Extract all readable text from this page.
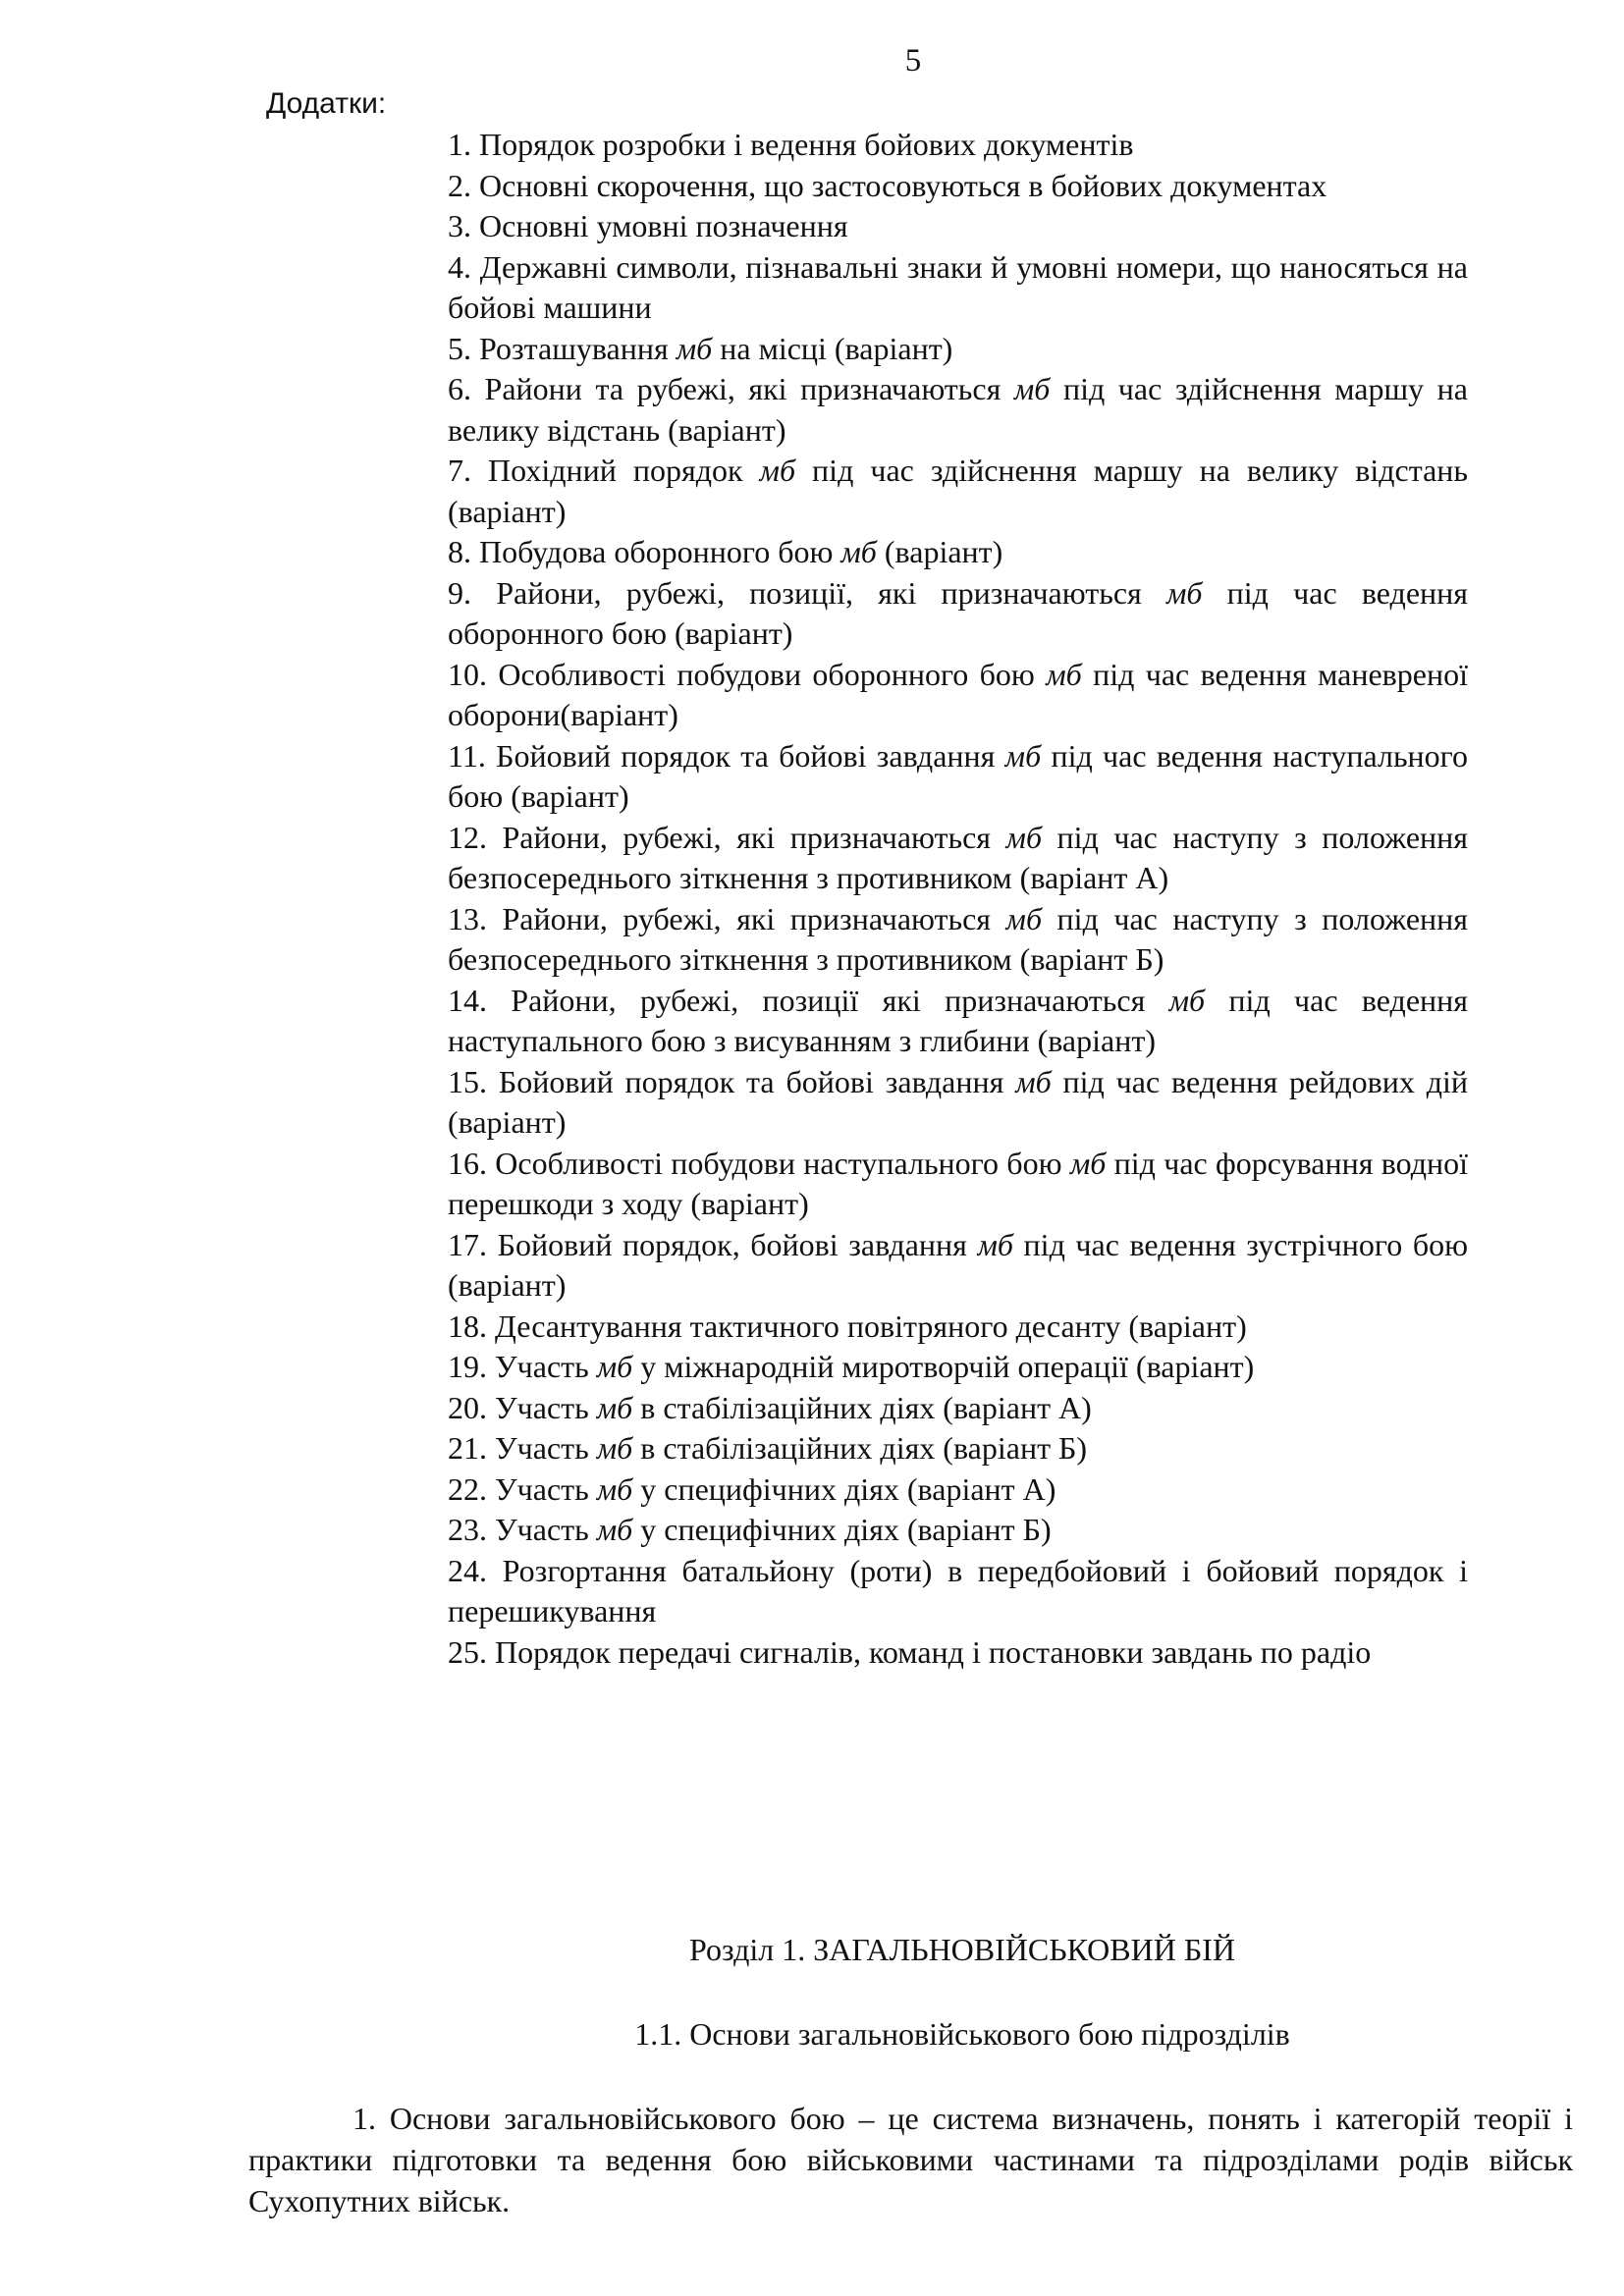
5
Додатки:
1. Порядок розробки і ведення бойових документів
2. Основні скорочення, що застосовуються в бойових документах
3. Основні умовні позначення
4. Державні символи, пізнавальні знаки й умовні номери, що наносяться на бойові машини
5. Розташування мб на місці (варіант)
6. Райони та рубежі, які призначаються мб під час здійснення маршу на велику відстань (варіант)
7. Похідний порядок мб під час здійснення маршу на велику відстань (варіант)
8. Побудова оборонного бою мб (варіант)
9. Райони, рубежі, позиції, які призначаються мб під час ведення оборонного бою (варіант)
10. Особливості побудови оборонного бою мб під час ведення маневреної оборони(варіант)
11. Бойовий порядок та бойові завдання мб під час ведення наступального бою (варіант)
12. Райони, рубежі, які призначаються мб під час наступу з положення безпосереднього зіткнення з противником (варіант А)
13. Райони, рубежі, які призначаються мб під час наступу з положення безпосереднього зіткнення з противником (варіант Б)
14. Райони, рубежі, позиції які призначаються мб під час ведення наступального бою з висуванням з глибини (варіант)
15. Бойовий порядок та бойові завдання мб під час ведення рейдових дій (варіант)
16. Особливості побудови наступального бою мб під час форсування водної перешкоди з ходу (варіант)
17. Бойовий порядок, бойові завдання мб під час ведення зустрічного бою (варіант)
18. Десантування тактичного повітряного десанту (варіант)
19. Участь мб у міжнародній миротворчій операції (варіант)
20. Участь мб в стабілізаційних діях (варіант А)
21. Участь мб в стабілізаційних діях (варіант Б)
22. Участь мб у специфічних діях (варіант А)
23. Участь мб у специфічних діях (варіант Б)
24. Розгортання батальйону (роти) в передбойовий і бойовий порядок і перешикування
25. Порядок передачі сигналів, команд і постановки завдань по радіо
Розділ 1. ЗАГАЛЬНОВІЙСЬКОВИЙ БІЙ
1.1. Основи загальновійськового бою підрозділів

1. Основи загальновійськового бою – це система визначень, понять і категорій теорії і практики підготовки та ведення бою військовими частинами та підрозділами родів військ Сухопутних військ.
